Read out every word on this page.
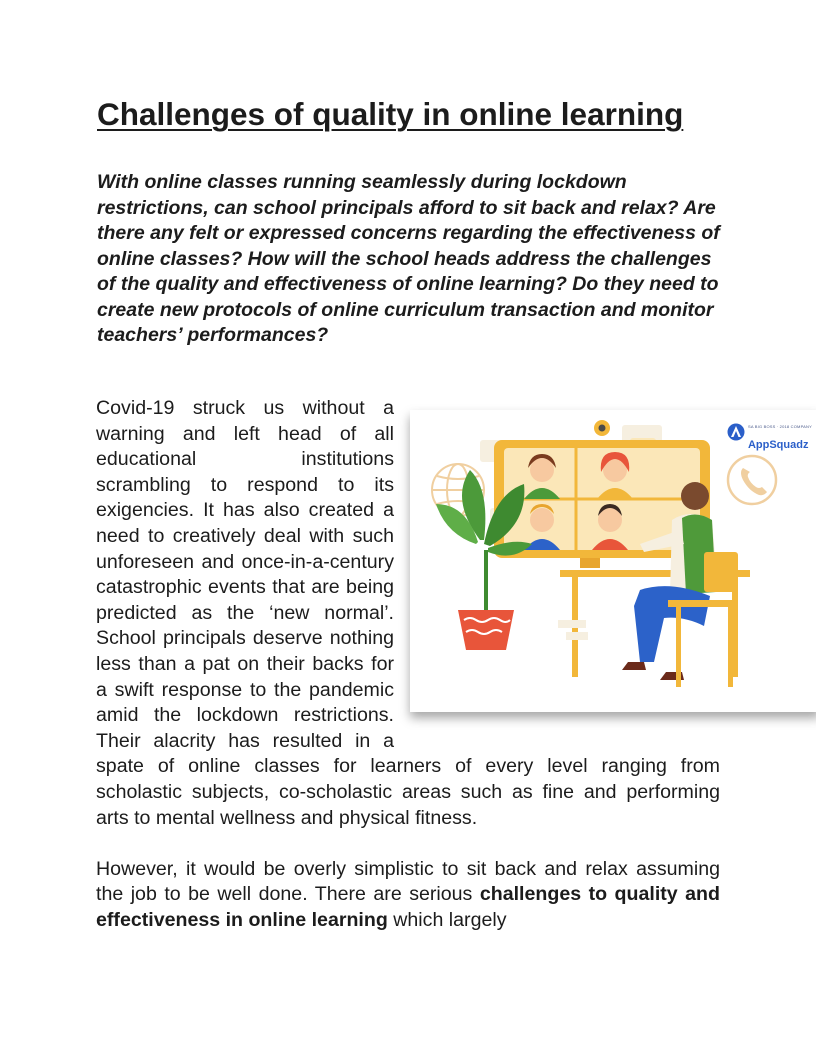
Challenges of quality in online learning

With online classes running seamlessly during lockdown restrictions, can school principals afford to sit back and relax? Are there any felt or expressed concerns regarding the effectiveness of online classes? How will the school heads address the challenges of the quality and effectiveness of online learning? Do they need to create new protocols of online curriculum transaction and monitor teachers’ performances?

SA BIG BOSS · 2018 COMPANY
AppSquadz

Covid-19 struck us without a warning and left head of all educational institutions scrambling to respond to its exigencies. It has also created a need to creatively deal with such unforeseen and once-in-a-century catastrophic events that are being predicted as the ‘new normal’. School principals deserve nothing less than a pat on their backs for a swift response to the pandemic amid the lockdown restrictions. Their alacrity has resulted in a spate of online classes for learners of every level ranging from scholastic subjects, co-scholastic areas such as fine and performing arts to mental wellness and physical fitness.

However, it would be overly simplistic to sit back and relax assuming the job to be well done. There are serious challenges to quality and effectiveness in online learning which largely
